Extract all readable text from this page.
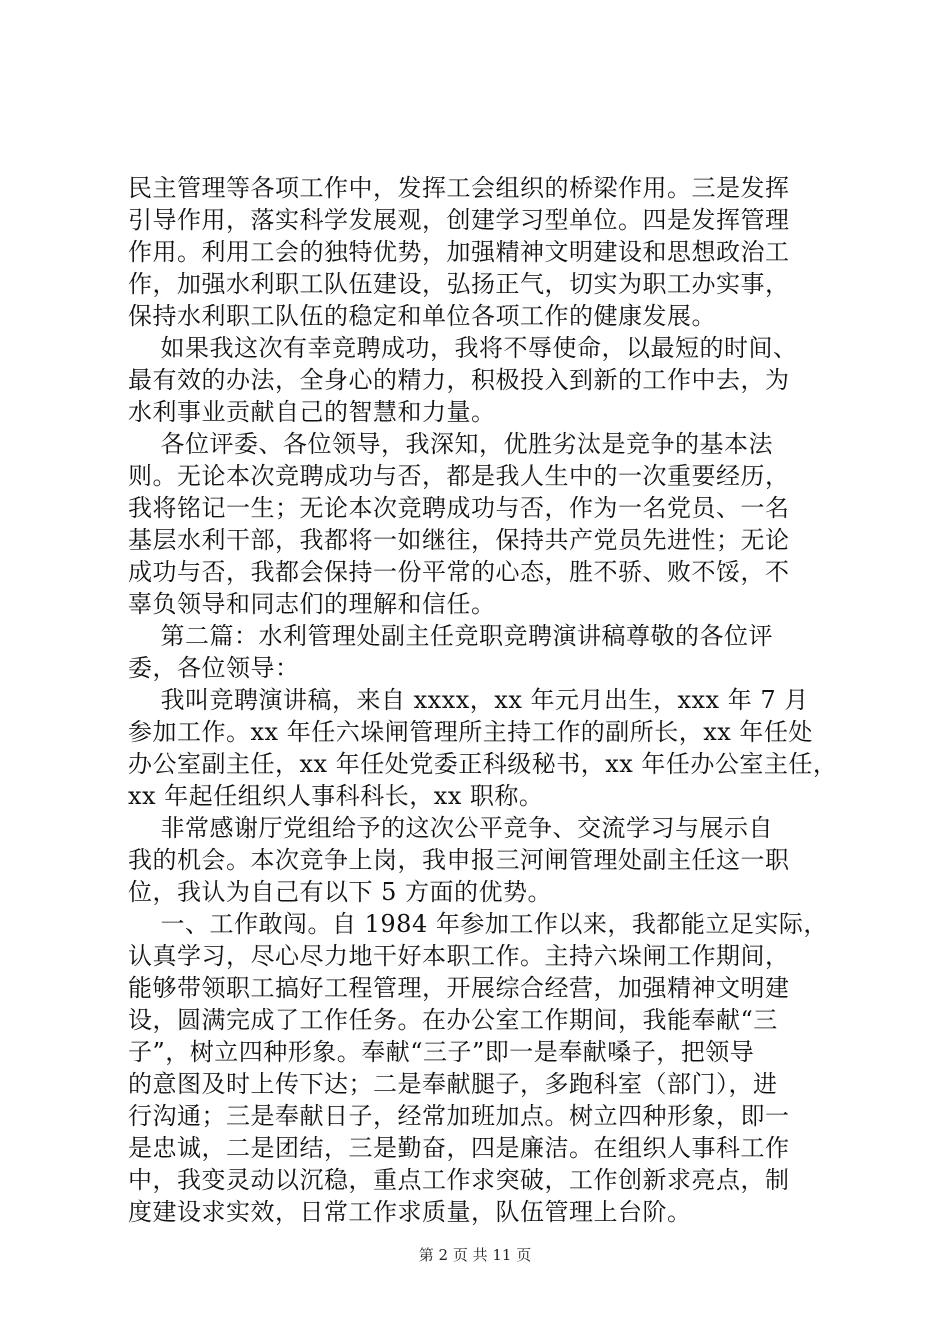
民主管理等各项工作中，发挥工会组织的桥梁作用。三是发挥
引导作用，落实科学发展观，创建学习型单位。四是发挥管理
作用。利用工会的独特优势，加强精神文明建设和思想政治工
作，加强水利职工队伍建设，弘扬正气，切实为职工办实事，
保持水利职工队伍的稳定和单位各项工作的健康发展。
如果我这次有幸竞聘成功，我将不辱使命，以最短的时间、
最有效的办法，全身心的精力，积极投入到新的工作中去，为
水利事业贡献自己的智慧和力量。
各位评委、各位领导，我深知，优胜劣汰是竞争的基本法
则。无论本次竞聘成功与否，都是我人生中的一次重要经历，
我将铭记一生；无论本次竞聘成功与否，作为一名党员、一名
基层水利干部，我都将一如继往，保持共产党员先进性；无论
成功与否，我都会保持一份平常的心态，胜不骄、败不馁，不
辜负领导和同志们的理解和信任。
第二篇：水利管理处副主任竞职竞聘演讲稿尊敬的各位评
委，各位领导：
我叫竞聘演讲稿，来自 xxxx，xx 年元月出生，xxx 年 7 月
参加工作。xx 年任六垛闸管理所主持工作的副所长，xx 年任处
办公室副主任，xx 年任处党委正科级秘书，xx 年任办公室主任，
xx 年起任组织人事科科长，xx 职称。
非常感谢厅党组给予的这次公平竞争、交流学习与展示自
我的机会。本次竞争上岗，我申报三河闸管理处副主任这一职
位，我认为自己有以下 5 方面的优势。
一、工作敢闯。自 1984 年参加工作以来，我都能立足实际，
认真学习，尽心尽力地干好本职工作。主持六垛闸工作期间，
能够带领职工搞好工程管理，开展综合经营，加强精神文明建
设，圆满完成了工作任务。在办公室工作期间，我能奉献“三
子”，树立四种形象。奉献“三子”即一是奉献嗓子，把领导
的意图及时上传下达；二是奉献腿子，多跑科室（部门），进
行沟通；三是奉献日子，经常加班加点。树立四种形象，即一
是忠诚，二是团结，三是勤奋，四是廉洁。在组织人事科工作
中，我变灵动以沉稳，重点工作求突破，工作创新求亮点，制
度建设求实效，日常工作求质量，队伍管理上台阶。
第 2 页 共 11 页
